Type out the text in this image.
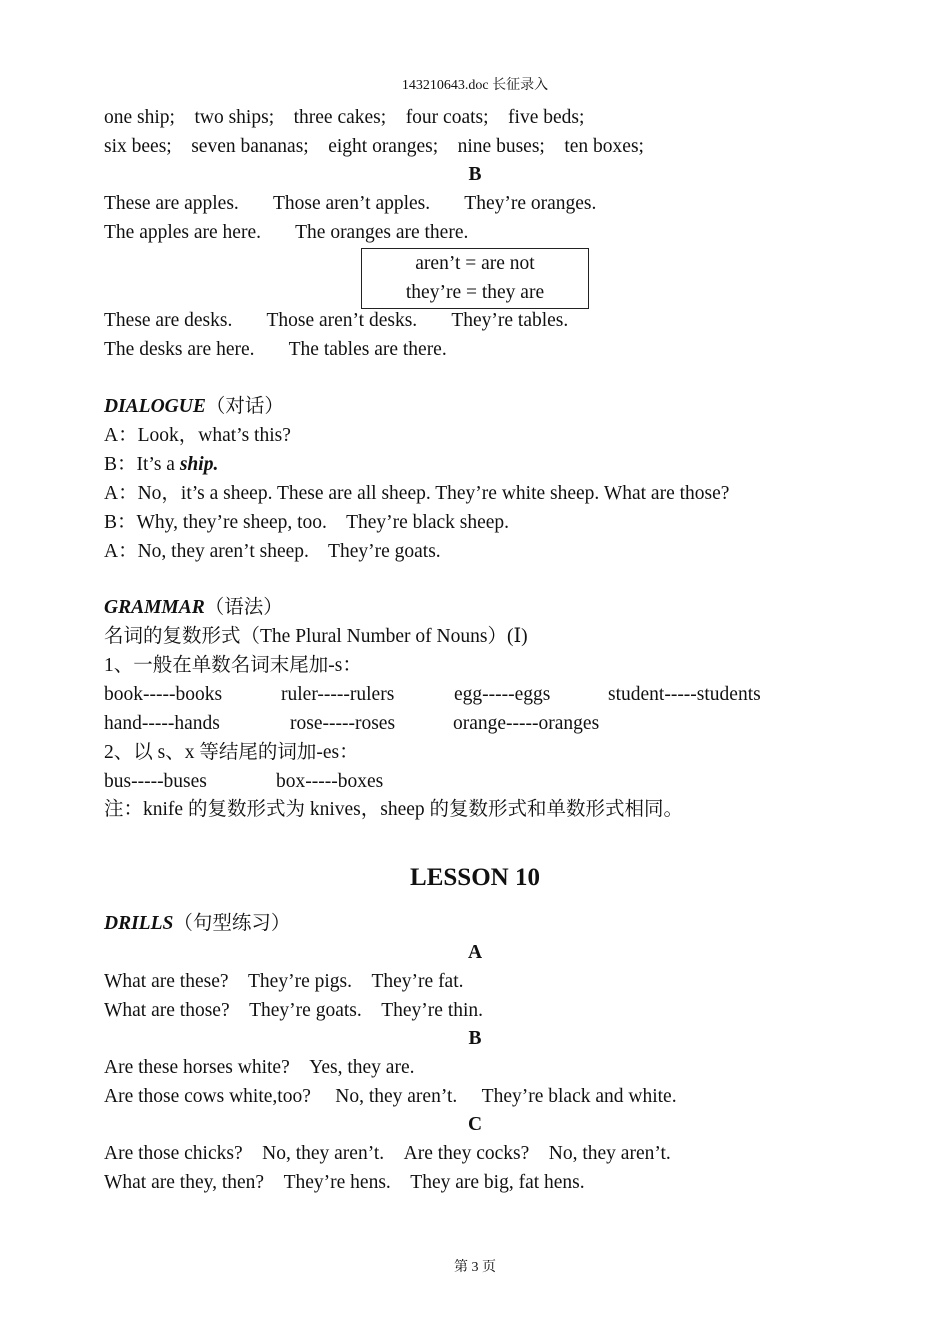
143210643.doc 长征录入
one ship; two ships; three cakes; four coats; five beds;
six bees; seven bananas; eight oranges; nine buses; ten boxes;
B
These are apples. Those aren’t apples. They’re oranges.
The apples are here. The oranges are there.
aren’t = are not
they’re = they are
These are desks. Those aren’t desks. They’re tables.
The desks are here. The tables are there.
DIALOGUE（对话）
A：Look，what’s this?
B：It’s a ship.
A：No，it’s a sheep. These are all sheep. They’re white sheep. What are those?
B：Why, they’re sheep, too.    They’re black sheep.
A：No, they aren’t sheep.    They’re goats.
GRAMMAR（语法）
名词的复数形式（The Plural Number of Nouns）(Ⅰ)
1、一般在单数名词末尾加-s：
book-----books	ruler-----rulers	egg-----eggs	student-----students
hand-----hands	rose-----roses	orange-----oranges
2、以 s、x 等结尾的词加-es：
bus-----buses	box-----boxes
注：knife 的复数形式为 knives，sheep 的复数形式和单数形式相同。
LESSON 10
DRILLS（句型练习）
A
What are these? They’re pigs. They’re fat.
What are those? They’re goats. They’re thin.
B
Are these horses white? Yes, they are.
Are those cows white,too? No, they aren’t. They’re black and white.
C
Are those chicks? No, they aren’t. Are they cocks? No, they aren’t.
What are they, then? They’re hens. They are big, fat hens.
第 3 页
